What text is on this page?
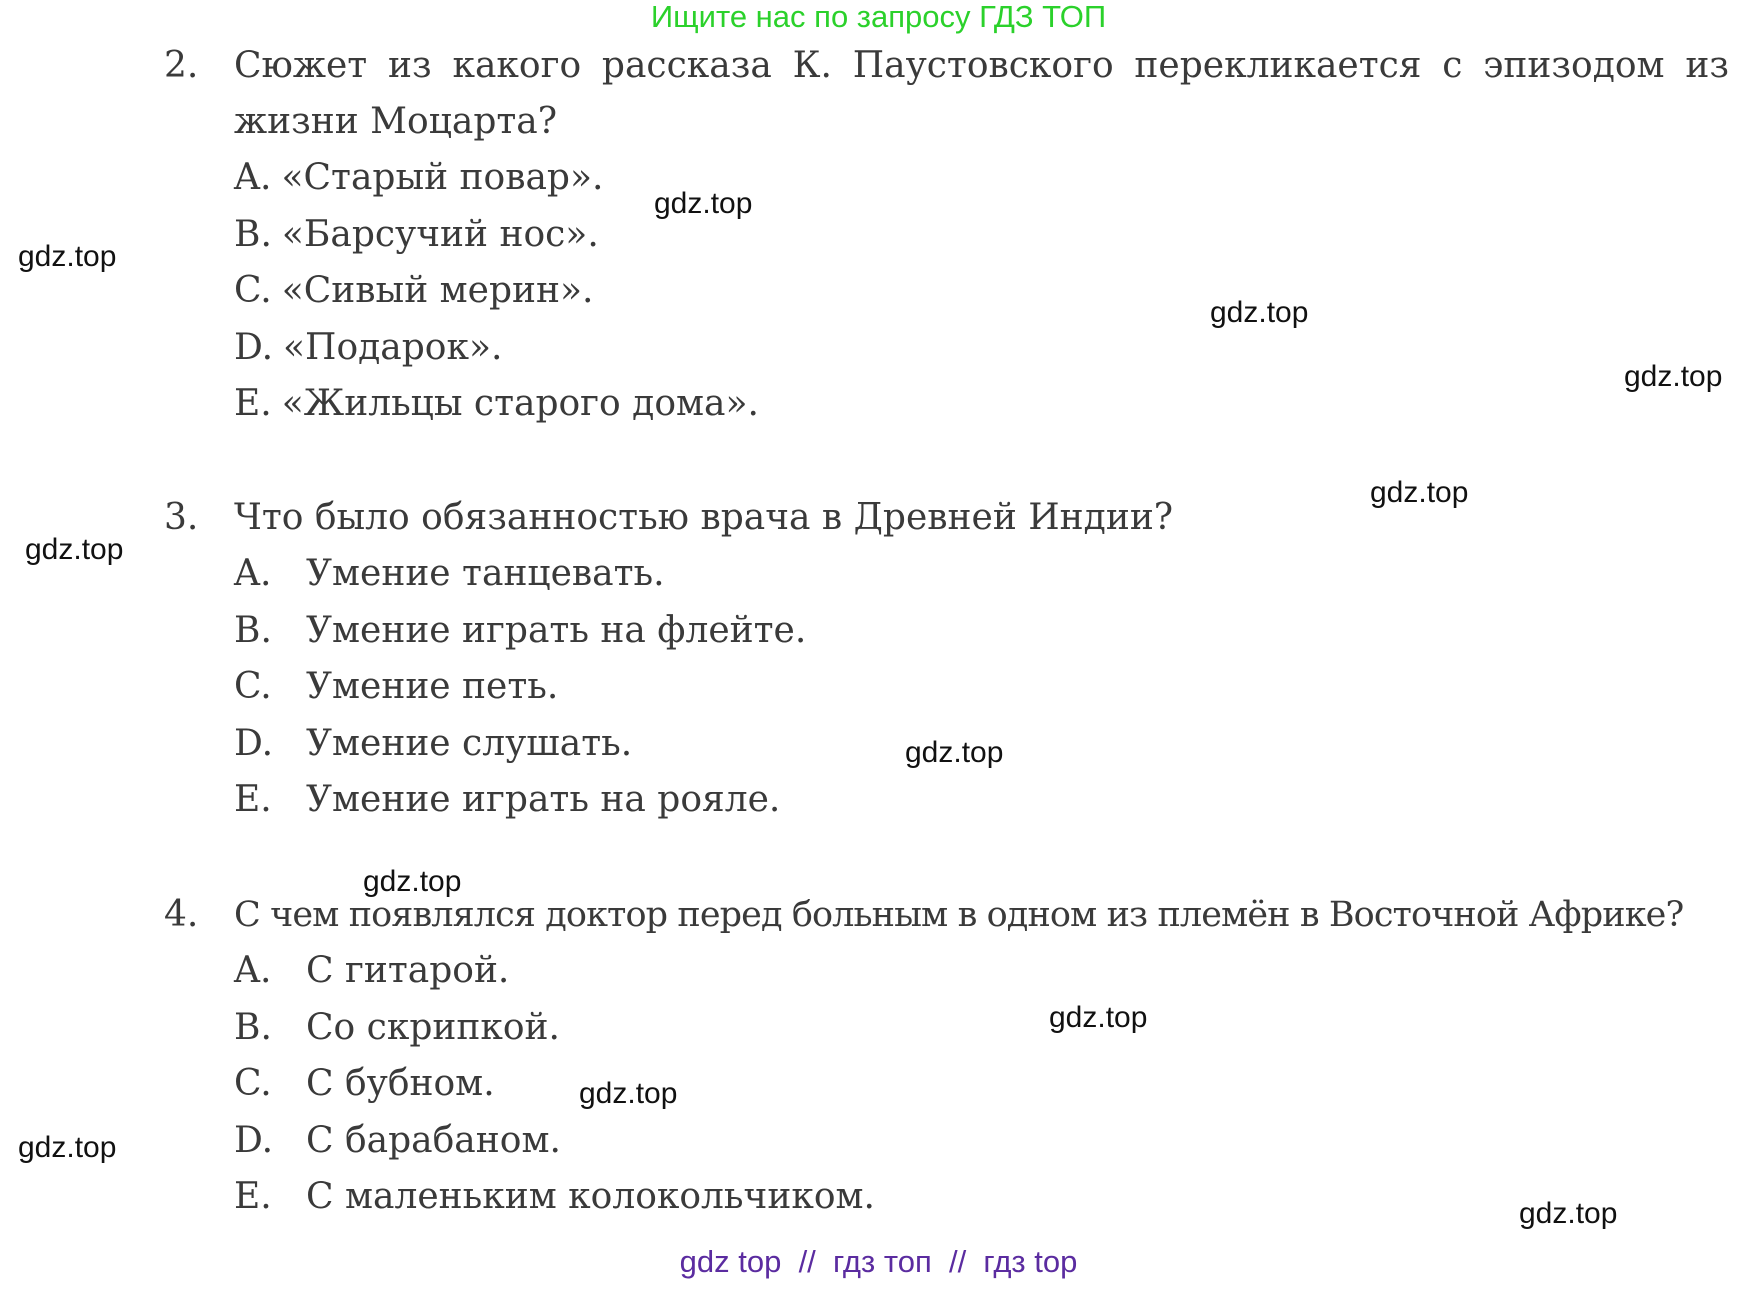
Ищите нас по запросу ГДЗ ТОП
2. Сюжет из какого рассказа К. Паустовского перекликается с эпизодом из жизни Моцарта?
A. «Старый повар».
B. «Барсучий нос».
C. «Сивый мерин».
D. «Подарок».
E. «Жильцы старого дома».
3. Что было обязанностью врача в Древней Индии?
A. Умение танцевать.
B. Умение играть на флейте.
C. Умение петь.
D. Умение слушать.
E. Умение играть на рояле.
4. С чем появлялся доктор перед больным в одном из племён в Восточной Африке?
A. С гитарой.
B. Со скрипкой.
C. С бубном.
D. С барабаном.
E. С маленьким колокольчиком.
gdz.top
gdz.top
gdz.top
gdz.top
gdz.top
gdz.top
gdz.top
gdz.top
gdz.top
gdz.top
gdz.top
gdz.top
gdz top  //  гдз топ  //  гдз top
